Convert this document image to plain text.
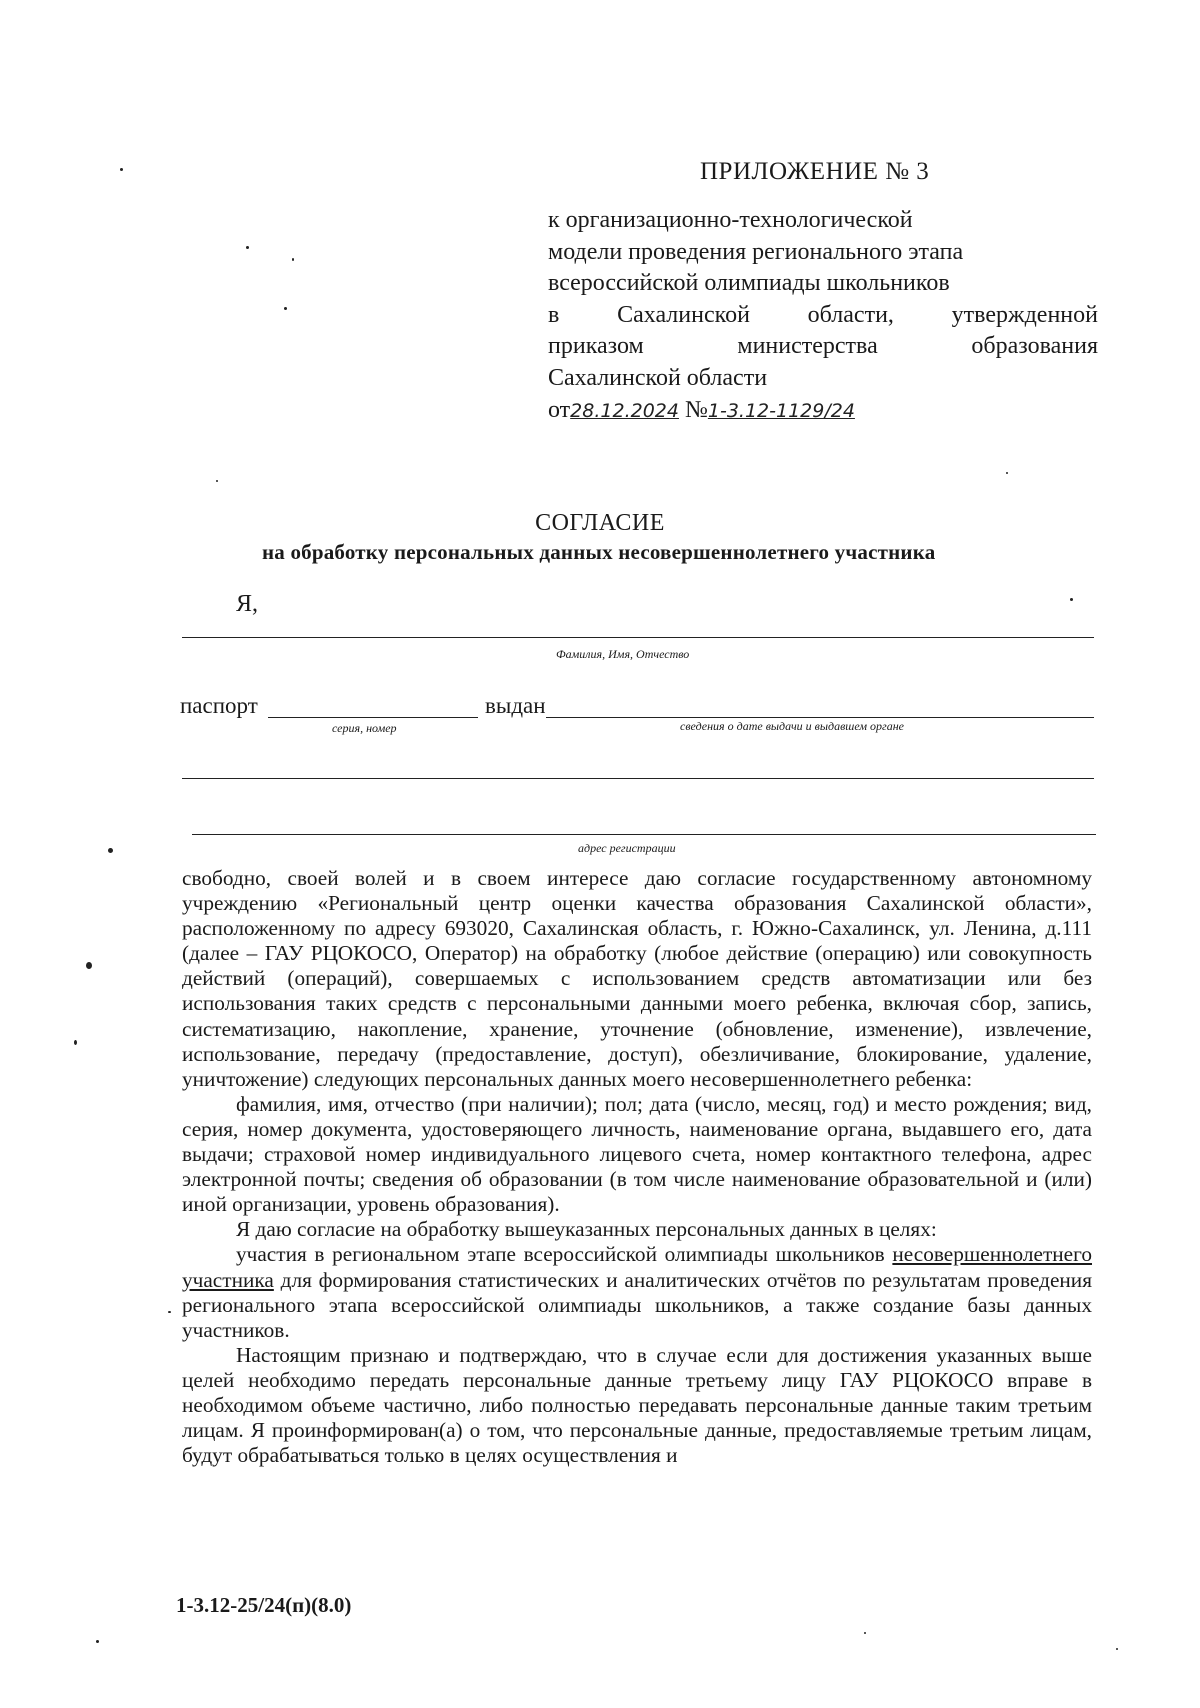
ПРИЛОЖЕНИЕ № 3
к организационно-технологической
модели проведения регионального этапа
всероссийской олимпиады школьников
в Сахалинской области, утвержденной
приказом министерства образования
Сахалинской области
от28.12.2024 №1-3.12-1129/24
СОГЛАСИЕ
на обработку персональных данных несовершеннолетнего участника
Я,
Фамилия, Имя, Отчество
паспорт	выдан
серия, номер	сведения о дате выдачи и выдавшем органе
адрес регистрации

свободно, своей волей и в своем интересе даю согласие государственному автономному учреждению «Региональный центр оценки качества образования Сахалинской области», расположенному по адресу 693020, Сахалинская область, г. Южно-Сахалинск, ул. Ленина, д.111 (далее – ГАУ РЦОКОСО, Оператор) на обработку (любое действие (операцию) или совокупность действий (операций), совершаемых с использованием средств автоматизации или без использования таких средств с персональными данными моего ребенка, включая сбор, запись, систематизацию, накопление, хранение, уточнение (обновление, изменение), извлечение, использование, передачу (предоставление, доступ), обезличивание, блокирование, удаление, уничтожение) следующих персональных данных моего несовершеннолетнего ребенка:

фамилия, имя, отчество (при наличии); пол; дата (число, месяц, год) и место рождения; вид, серия, номер документа, удостоверяющего личность, наименование органа, выдавшего его, дата выдачи; страховой номер индивидуального лицевого счета, номер контактного телефона, адрес электронной почты; сведения об образовании (в том числе наименование образовательной и (или) иной организации, уровень образования).

Я даю согласие на обработку вышеуказанных персональных данных в целях:

участия в региональном этапе всероссийской олимпиады школьников несовершеннолетнего участника для формирования статистических и аналитических отчётов по результатам проведения регионального этапа всероссийской олимпиады школьников, а также создание базы данных участников.

Настоящим признаю и подтверждаю, что в случае если для достижения указанных выше целей необходимо передать персональные данные третьему лицу ГАУ РЦОКОСО вправе в необходимом объеме частично, либо полностью передавать персональные данные таким третьим лицам. Я проинформирован(а) о том, что персональные данные, предоставляемые третьим лицам, будут обрабатываться только в целях осуществления и

1-3.12-25/24(п)(8.0)
